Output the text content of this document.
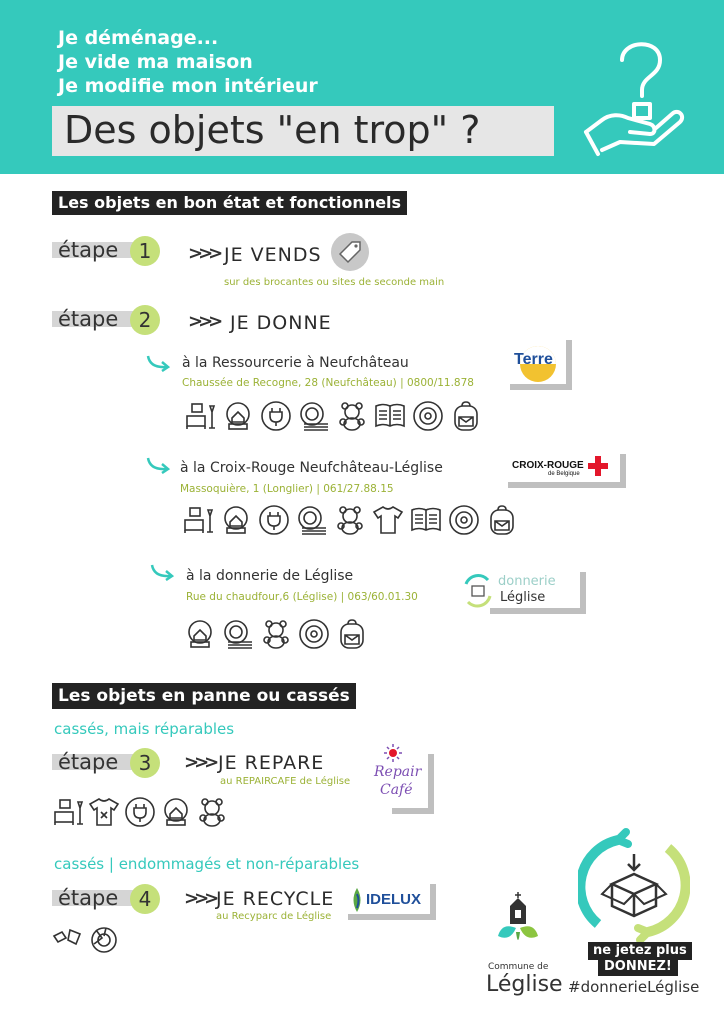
Je déménage...
Je vide ma maison
Je modifie mon intérieur
Des objets "en trop" ?
Les objets en bon état et fonctionnels
étape	1	>>> JE VENDS
sur des brocantes ou sites de seconde main
étape	2	>>> JE DONNE
à la Ressourcerie à Neufchâteau
Chaussée de Recogne, 28 (Neufchâteau) | 0800/11.878
Terre
à la Croix-Rouge Neufchâteau-Léglise
Massoquière, 1 (Longlier) | 061/27.88.15
CROIX-ROUGE
de Belgique
à la donnerie de Léglise
Rue du chaudfour,6 (Léglise) | 063/60.01.30
donnerie
Léglise
Les objets en panne ou cassés
cassés, mais réparables
étape	3	>>> JE REPARE
au REPAIRCAFE de Léglise
Repair
Café
cassés | endommagés et non-réparables
étape	4	>>> JE RECYCLE
au Recyparc de Léglise
IDELUX
Commune de
Léglise
ne jetez plus
DONNEZ!
#donnerieLéglise
